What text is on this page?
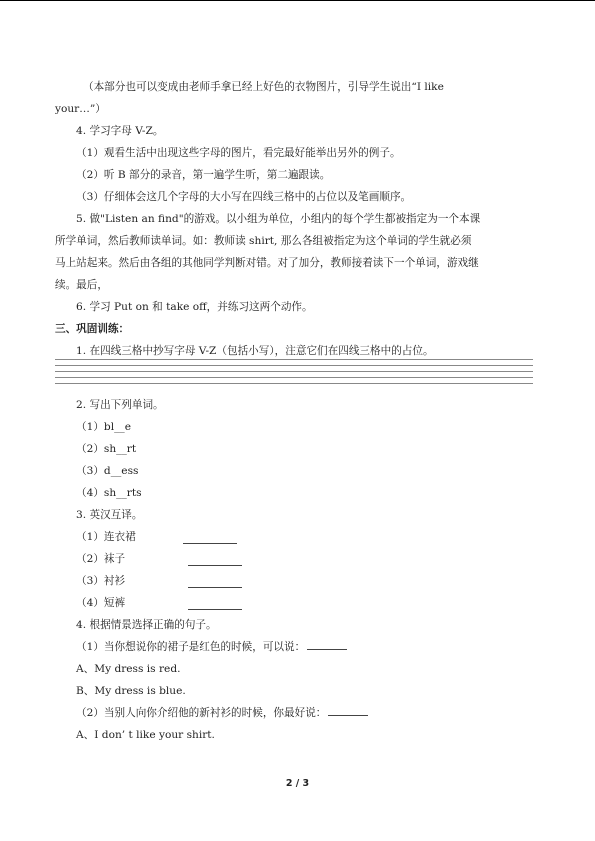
（本部分也可以变成由老师手拿已经上好色的衣物图片，引导学生说出“I like
your…”）
4. 学习字母 V-Z。
（1）观看生活中出现这些字母的图片，看完最好能举出另外的例子。
（2）听 B 部分的录音，第一遍学生听，第二遍跟读。
（3）仔细体会这几个字母的大小写在四线三格中的占位以及笔画顺序。
5. 做"Listen an find"的游戏。以小组为单位，小组内的每个学生都被指定为一个本课
所学单词，然后教师读单词。如：教师读 shirt, 那么各组被指定为这个单词的学生就必须
马上站起来。然后由各组的其他同学判断对错。对了加分，教师接着读下一个单词，游戏继
续。最后，
6. 学习 Put on 和 take off，并练习这两个动作。
三、巩固训练：
1. 在四线三格中抄写字母 V-Z（包括小写），注意它们在四线三格中的占位。
2. 写出下列单词。
（1）bl__e
（2）sh__rt
（3）d__ess
（4）sh__rts
3. 英汉互译。
（1）连衣裙
（2）袜子
（3）衬衫
（4）短裤
4. 根据情景选择正确的句子。
（1）当你想说你的裙子是红色的时候，可以说：
A、My dress is red.
B、My dress is blue.
（2）当别人向你介绍他的新衬衫的时候，你最好说：
A、I don’ t like your shirt.
2 / 3
